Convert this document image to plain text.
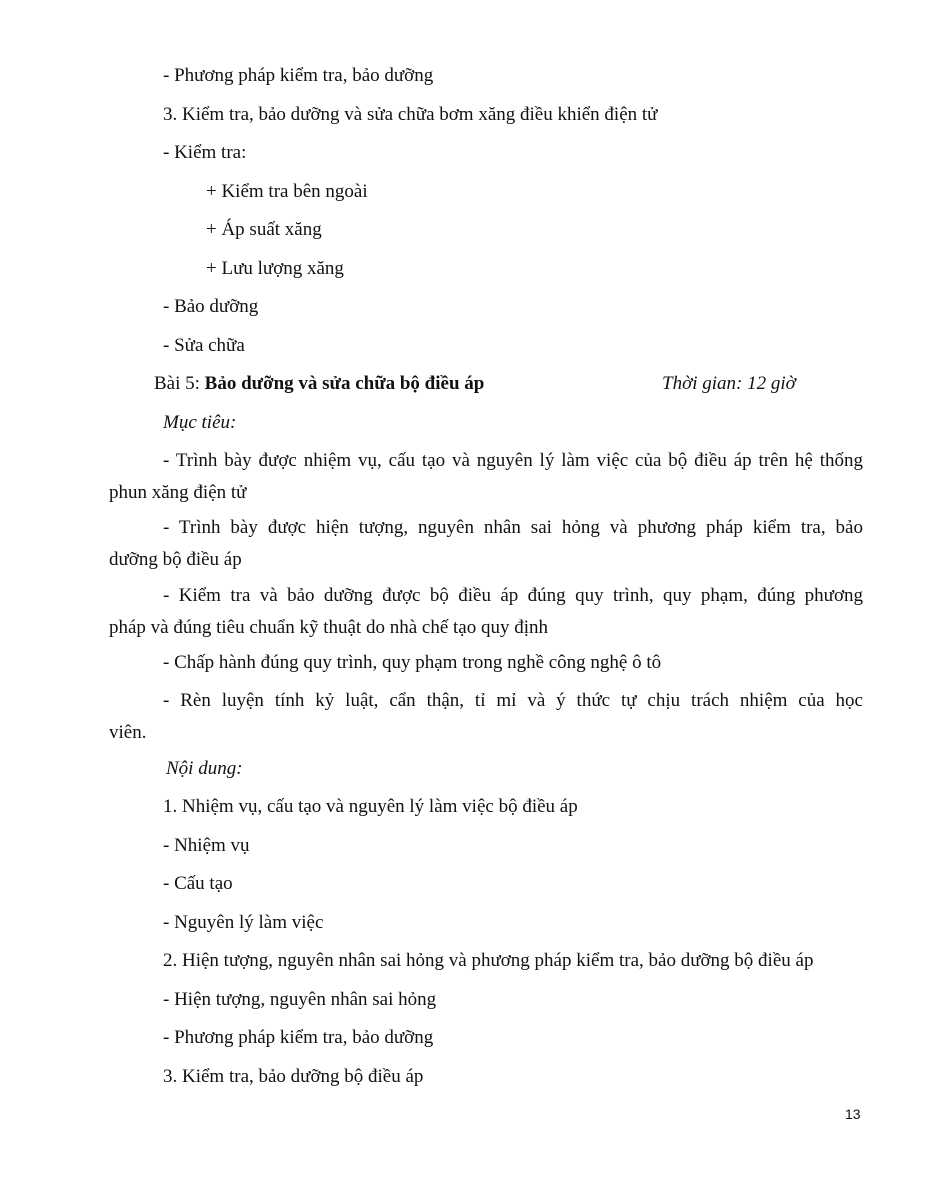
- Phương pháp kiểm tra, bảo dưỡng
3. Kiểm tra, bảo dưỡng và sửa chữa bơm xăng điều khiển điện tử
- Kiểm tra:
+ Kiểm tra bên ngoài
+ Áp suất xăng
+ Lưu lượng xăng
- Bảo dưỡng
- Sửa chữa
Bài 5: Bảo dưỡng và sửa chữa bộ điều áp	Thời gian: 12 giờ
Mục tiêu:
- Trình bày được nhiệm vụ, cấu tạo và nguyên lý làm việc của bộ điều áp trên hệ thống
phun xăng điện tử
- Trình bày được hiện tượng, nguyên nhân sai hỏng và phương pháp kiểm tra, bảo
dưỡng bộ điều áp
- Kiểm tra và bảo dưỡng được bộ điều áp đúng quy trình, quy phạm, đúng phương
pháp và đúng tiêu chuẩn kỹ thuật do nhà chế tạo quy định
- Chấp hành đúng quy trình, quy phạm trong nghề công nghệ ô tô
- Rèn luyện tính kỷ luật, cẩn thận, tỉ mỉ và ý thức tự chịu trách nhiệm của học
viên.
Nội dung:
1. Nhiệm vụ, cấu tạo và nguyên lý làm việc bộ điều áp
- Nhiệm vụ
- Cấu tạo
- Nguyên lý làm việc
2. Hiện tượng, nguyên nhân sai hỏng và phương pháp kiểm tra, bảo dưỡng bộ điều áp
- Hiện tượng, nguyên nhân sai hỏng
- Phương pháp kiểm tra, bảo dưỡng
3. Kiểm tra, bảo dưỡng bộ điều áp
13
